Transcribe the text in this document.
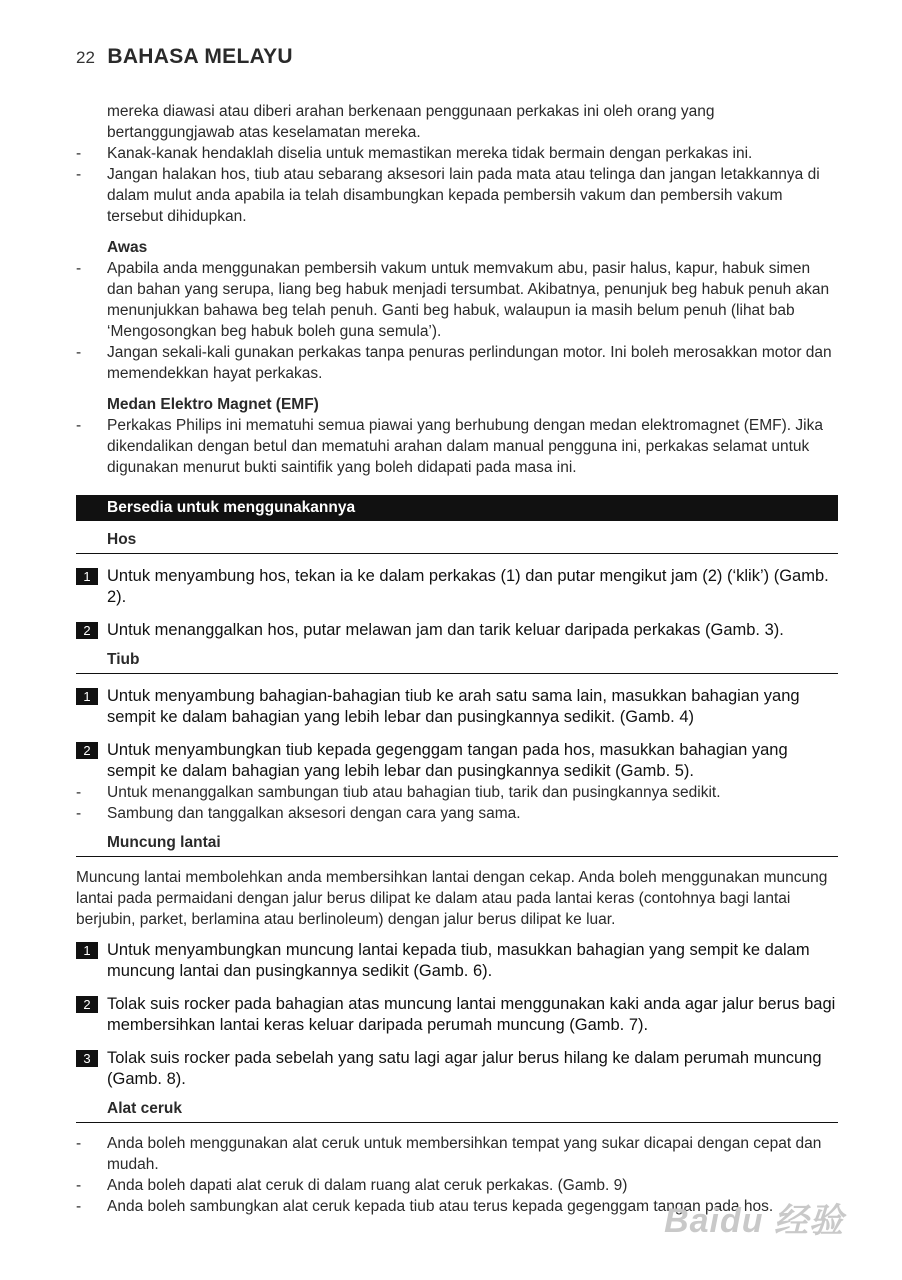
22 BAHASA MELAYU

mereka diawasi atau diberi arahan berkenaan penggunaan perkakas ini oleh orang yang bertanggungjawab atas keselamatan mereka.

- Kanak-kanak hendaklah diselia untuk memastikan mereka tidak bermain dengan perkakas ini.
- Jangan halakan hos, tiub atau sebarang aksesori lain pada mata atau telinga dan jangan letakkannya di dalam mulut anda apabila ia telah disambungkan kepada pembersih vakum dan pembersih vakum tersebut dihidupkan.
Awas
- Apabila anda menggunakan pembersih vakum untuk memvakum abu, pasir halus, kapur, habuk simen dan bahan yang serupa, liang beg habuk menjadi tersumbat. Akibatnya, penunjuk beg habuk penuh akan menunjukkan bahawa beg telah penuh. Ganti beg habuk, walaupun ia masih belum penuh (lihat bab ‘Mengosongkan beg habuk boleh guna semula’).
- Jangan sekali-kali gunakan perkakas tanpa penuras perlindungan motor. Ini boleh merosakkan motor dan memendekkan hayat perkakas.
Medan Elektro Magnet (EMF)
- Perkakas Philips ini mematuhi semua piawai yang berhubung dengan medan elektromagnet (EMF). Jika dikendalikan dengan betul dan mematuhi arahan dalam manual pengguna ini, perkakas selamat untuk digunakan menurut bukti saintifik yang boleh didapati pada masa ini.
Bersedia untuk menggunakannya
Hos
1 Untuk menyambung hos, tekan ia ke dalam perkakas (1) dan putar mengikut jam (2) (‘klik’) (Gamb. 2).
2 Untuk menanggalkan hos, putar melawan jam dan tarik keluar daripada perkakas (Gamb. 3).
Tiub
1 Untuk menyambung bahagian-bahagian tiub ke arah satu sama lain, masukkan bahagian yang sempit ke dalam bahagian yang lebih lebar dan pusingkannya sedikit. (Gamb. 4)
2 Untuk menyambungkan tiub kepada gegenggam tangan pada hos, masukkan bahagian yang sempit ke dalam bahagian yang lebih lebar dan pusingkannya sedikit (Gamb. 5).
- Untuk menanggalkan sambungan tiub atau bahagian tiub, tarik dan pusingkannya sedikit.
- Sambung dan tanggalkan aksesori dengan cara yang sama.
Muncung lantai

Muncung lantai membolehkan anda membersihkan lantai dengan cekap. Anda boleh menggunakan muncung lantai pada permaidani dengan jalur berus dilipat ke dalam atau pada lantai keras (contohnya bagi lantai berjubin, parket, berlamina atau berlinoleum) dengan jalur berus dilipat ke luar.

1 Untuk menyambungkan muncung lantai kepada tiub, masukkan bahagian yang sempit ke dalam muncung lantai dan pusingkannya sedikit (Gamb. 6).
2 Tolak suis rocker pada bahagian atas muncung lantai menggunakan kaki anda agar jalur berus bagi membersihkan lantai keras keluar daripada perumah muncung (Gamb. 7).
3 Tolak suis rocker pada sebelah yang satu lagi agar jalur berus hilang ke dalam perumah muncung (Gamb. 8).
Alat ceruk
- Anda boleh menggunakan alat ceruk untuk membersihkan tempat yang sukar dicapai dengan cepat dan mudah.
- Anda boleh dapati alat ceruk di dalam ruang alat ceruk perkakas. (Gamb. 9)
- Anda boleh sambungkan alat ceruk kepada tiub atau terus kepada gegenggam tangan pada hos.
Baidu 经验
